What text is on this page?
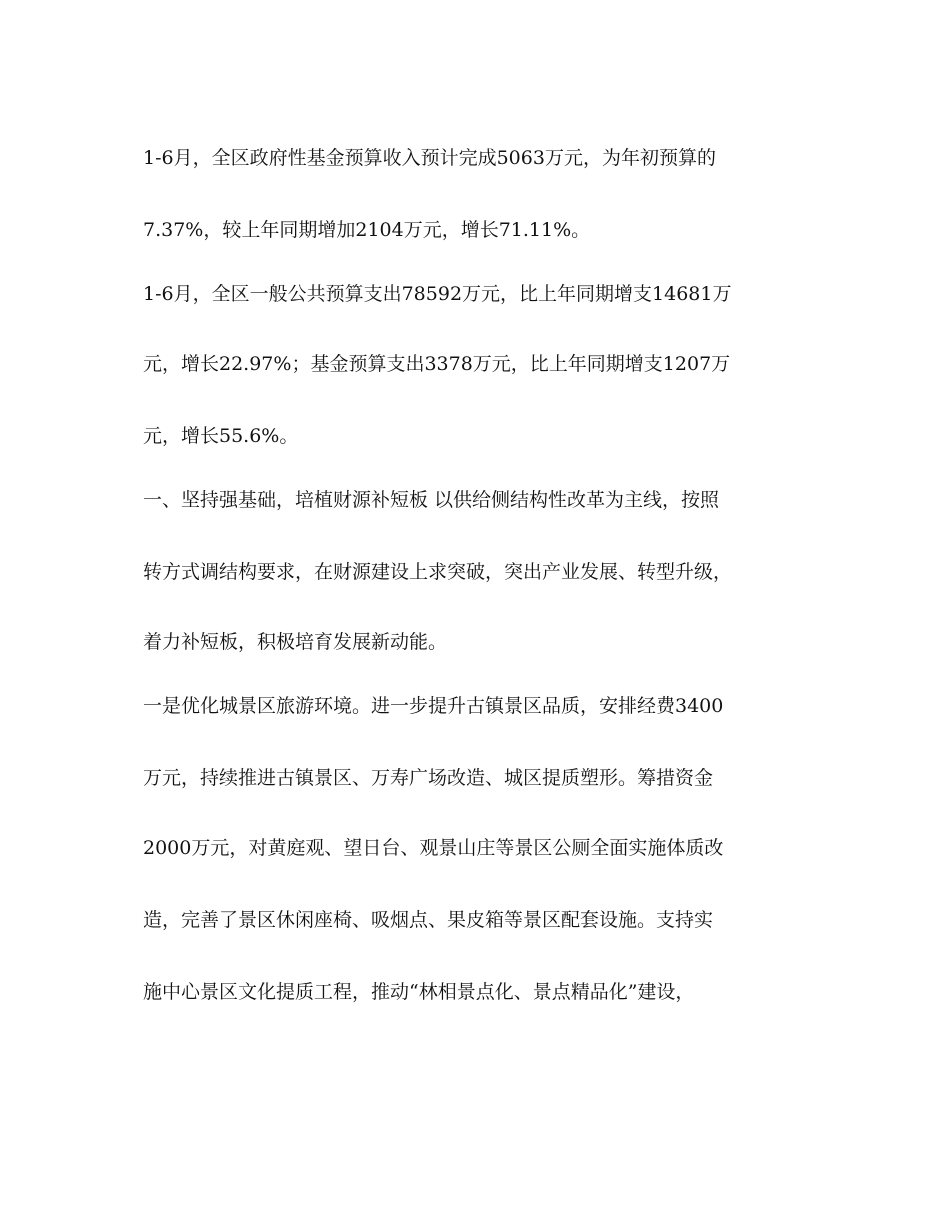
1-6月，全区政府性基金预算收入预计完成5063万元，为年初预算的
7.37%，较上年同期增加2104万元，增长71.11%。
1-6月，全区一般公共预算支出78592万元，比上年同期增支14681万
元，增长22.97%；基金预算支出3378万元，比上年同期增支1207万
元，增长55.6%。
一、坚持强基础，培植财源补短板 以供给侧结构性改革为主线，按照
转方式调结构要求，在财源建设上求突破，突出产业发展、转型升级，
着力补短板，积极培育发展新动能。
一是优化城景区旅游环境。进一步提升古镇景区品质，安排经费3400
万元，持续推进古镇景区、万寿广场改造、城区提质塑形。筹措资金
2000万元，对黄庭观、望日台、观景山庄等景区公厕全面实施体质改
造，完善了景区休闲座椅、吸烟点、果皮箱等景区配套设施。支持实
施中心景区文化提质工程，推动“林相景点化、景点精品化”建设，
